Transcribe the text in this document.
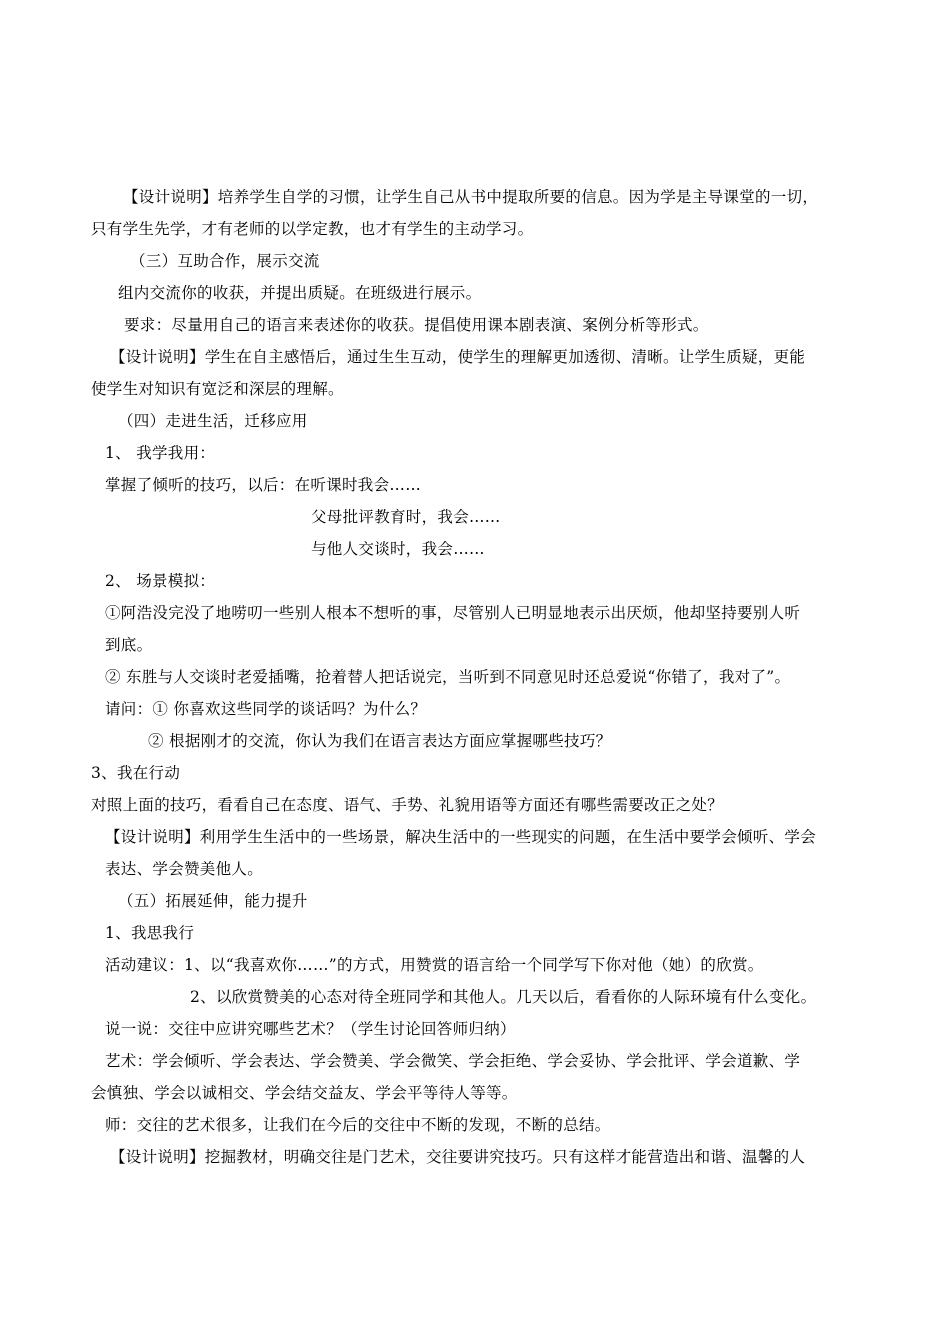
【设计说明】培养学生自学的习惯，让学生自己从书中提取所要的信息。因为学是主导课堂的一切，
只有学生先学，才有老师的以学定教，也才有学生的主动学习。
（三）互助合作，展示交流
组内交流你的收获，并提出质疑。在班级进行展示。
要求：尽量用自己的语言来表述你的收获。提倡使用课本剧表演、案例分析等形式。
【设计说明】学生在自主感悟后，通过生生互动，使学生的理解更加透彻、清晰。让学生质疑，更能
使学生对知识有宽泛和深层的理解。
（四）走进生活，迁移应用
1、 我学我用：
掌握了倾听的技巧，以后：在听课时我会……
父母批评教育时，我会……
与他人交谈时，我会……
2、 场景模拟：
①阿浩没完没了地唠叨一些别人根本不想听的事，尽管别人已明显地表示出厌烦，他却坚持要别人听
到底。
② 东胜与人交谈时老爱插嘴，抢着替人把话说完，当听到不同意见时还总爱说“你错了，我对了”。
请问：① 你喜欢这些同学的谈话吗？为什么？
② 根据刚才的交流，你认为我们在语言表达方面应掌握哪些技巧？
3、我在行动
对照上面的技巧，看看自己在态度、语气、手势、礼貌用语等方面还有哪些需要改正之处？
【设计说明】利用学生生活中的一些场景，解决生活中的一些现实的问题，在生活中要学会倾听、学会
表达、学会赞美他人。
（五）拓展延伸，能力提升
1、我思我行
活动建议：1、以“我喜欢你……”的方式，用赞赏的语言给一个同学写下你对他（她）的欣赏。
2、以欣赏赞美的心态对待全班同学和其他人。几天以后，看看你的人际环境有什么变化。
说一说：交往中应讲究哪些艺术？（学生讨论回答师归纳）
艺术：学会倾听、学会表达、学会赞美、学会微笑、学会拒绝、学会妥协、学会批评、学会道歉、学
会慎独、学会以诚相交、学会结交益友、学会平等待人等等。
师：交往的艺术很多，让我们在今后的交往中不断的发现，不断的总结。
【设计说明】挖掘教材，明确交往是门艺术，交往要讲究技巧。只有这样才能营造出和谐、温馨的人
